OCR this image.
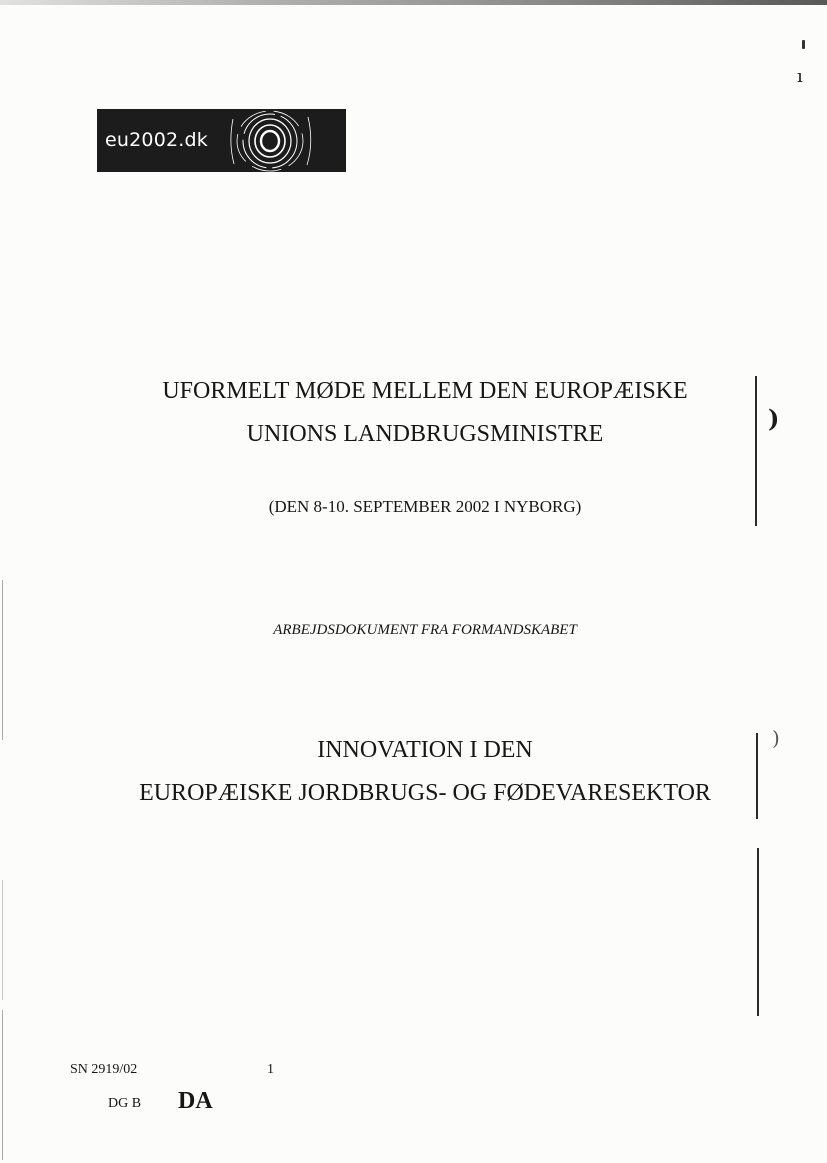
eu2002.dk
UFORMELT MØDE MELLEM DEN EUROPÆISKE
UNIONS LANDBRUGSMINISTRE
(DEN 8-10. SEPTEMBER 2002 I NYBORG)
ARBEJDSDOKUMENT FRA FORMANDSKABET
INNOVATION I DEN
EUROPÆISKE JORDBRUGS- OG FØDEVARESEKTOR
)
)
ı
SN 2919/02	1
DG B DA
